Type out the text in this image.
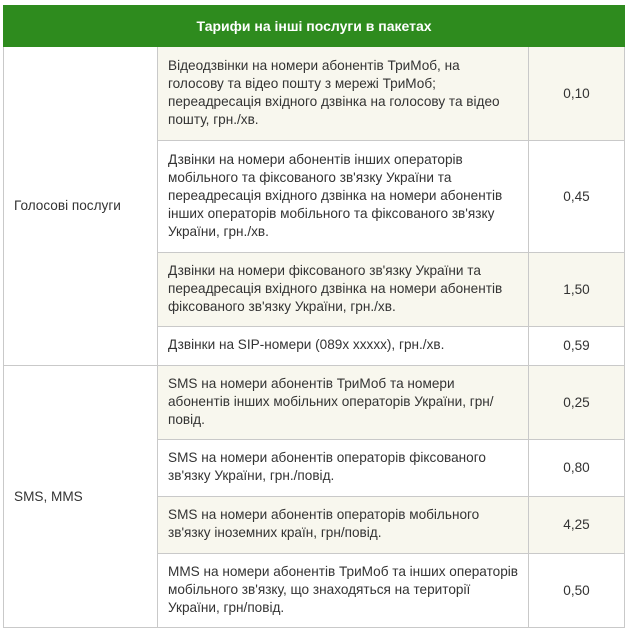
Тарифи на інші послуги в пакетах		
Голосові послуги	Відеодзвінки на номери абонентів ТриМоб, на голосову та відео пошту з мережі ТриМоб; переадресація вхідного дзвінка на голосову та відео пошту, грн./хв.	0,10
	Дзвінки на номери абонентів інших операторів мобільного та фіксованого зв'язку України та переадресація вхідного дзвінка на номери абонентів інших операторів мобільного та фіксованого зв'язку України, грн./хв.	0,45
	Дзвінки на номери фіксованого зв'язку України та переадресація вхідного дзвінка на номери абонентів фіксованого зв'язку України, грн./хв.	1,50
	Дзвінки на SIP-номери (089x xxxxx), грн./хв.	0,59
SMS, MMS	SMS на номери абонентів ТриМоб та номери абонентів інших мобільних операторів України, грн/повід.	0,25
	SMS на номери абонентів операторів фіксованого зв'язку України, грн./повід.	0,80
	SMS на номери абонентів операторів мобільного зв'язку іноземних країн, грн/повід.	4,25
	MMS на номери абонентів ТриМоб та інших операторів мобільного зв'язку, що знаходяться на території України, грн/повід.	0,50
